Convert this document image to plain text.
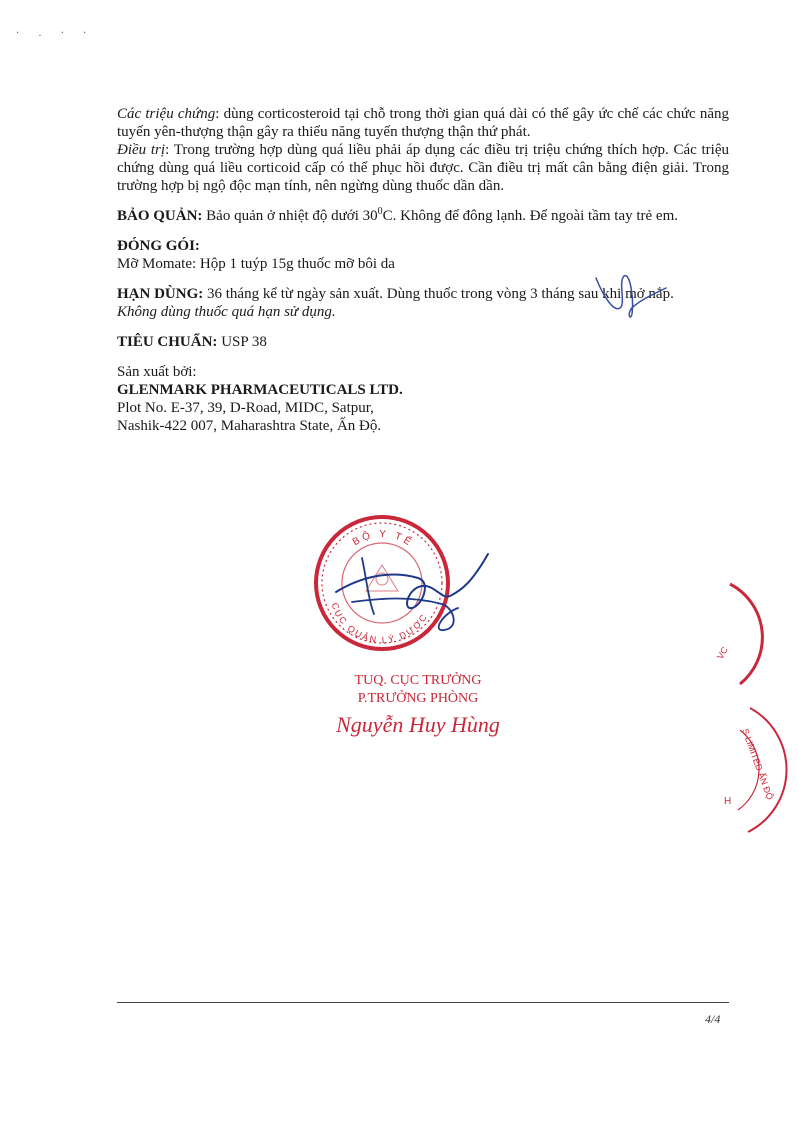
· . · ·

Các triệu chứng: dùng corticosteroid tại chỗ trong thời gian quá dài có thể gây ức chế các chức năng tuyến yên-thượng thận gây ra thiểu năng tuyến thượng thận thứ phát.

Điều trị: Trong trường hợp dùng quá liều phải áp dụng các điều trị triệu chứng thích hợp. Các triệu chứng dùng quá liều corticoid cấp có thể phục hồi được. Cần điều trị mất cân bằng điện giải. Trong trường hợp bị ngộ độc mạn tính, nên ngừng dùng thuốc dần dần.

BẢO QUẢN: Bảo quản ở nhiệt độ dưới $30^0C$. Không để đông lạnh. Để ngoài tầm tay trẻ em.

ĐÓNG GÓI:

Mỡ Momate: Hộp 1 tuýp 15g thuốc mỡ bôi da

HẠN DÙNG: 36 tháng kể từ ngày sản xuất. Dùng thuốc trong vòng 3 tháng sau khi mở nắp.

Không dùng thuốc quá hạn sử dụng.

TIÊU CHUẨN: USP 38

Sản xuất bởi:

GLENMARK PHARMACEUTICALS LTD.

Plot No. E-37, 39, D-Road, MIDC, Satpur,

Nashik-422 007, Maharashtra State, Ấn Độ.

BỘ Y TẾ
CỤC QUẢN LÝ DƯỢC
VC
S LIMITED ẤN ĐỘ
H
TUQ. CỤC TRƯỞNG
P.TRƯỞNG PHÒNG
Nguyễn Huy Hùng
4/4
